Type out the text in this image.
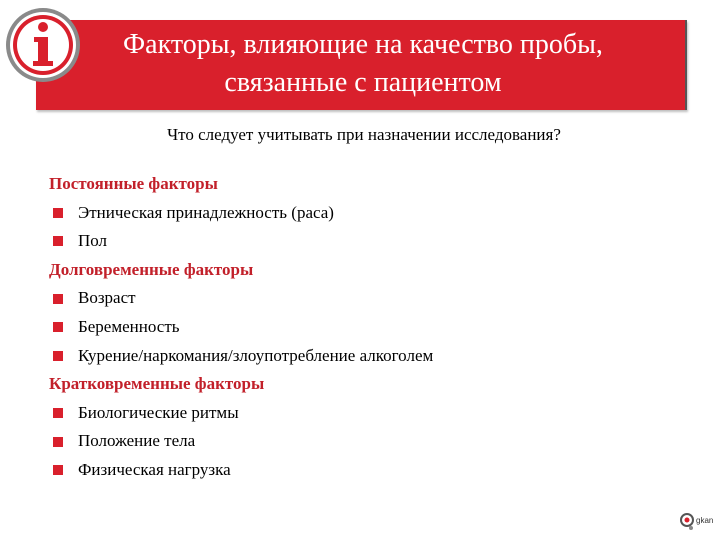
Факторы, влияющие на качество пробы,
связанные с пациентом
Что следует учитывать при назначении исследования?
Постоянные факторы
Этническая принадлежность (раса)
Пол
Долговременные факторы
Возраст
Беременность
Курение/наркомания/злоупотребление алкоголем
Кратковременные факторы
Биологические ритмы
Положение тела
Физическая нагрузка
gkan
